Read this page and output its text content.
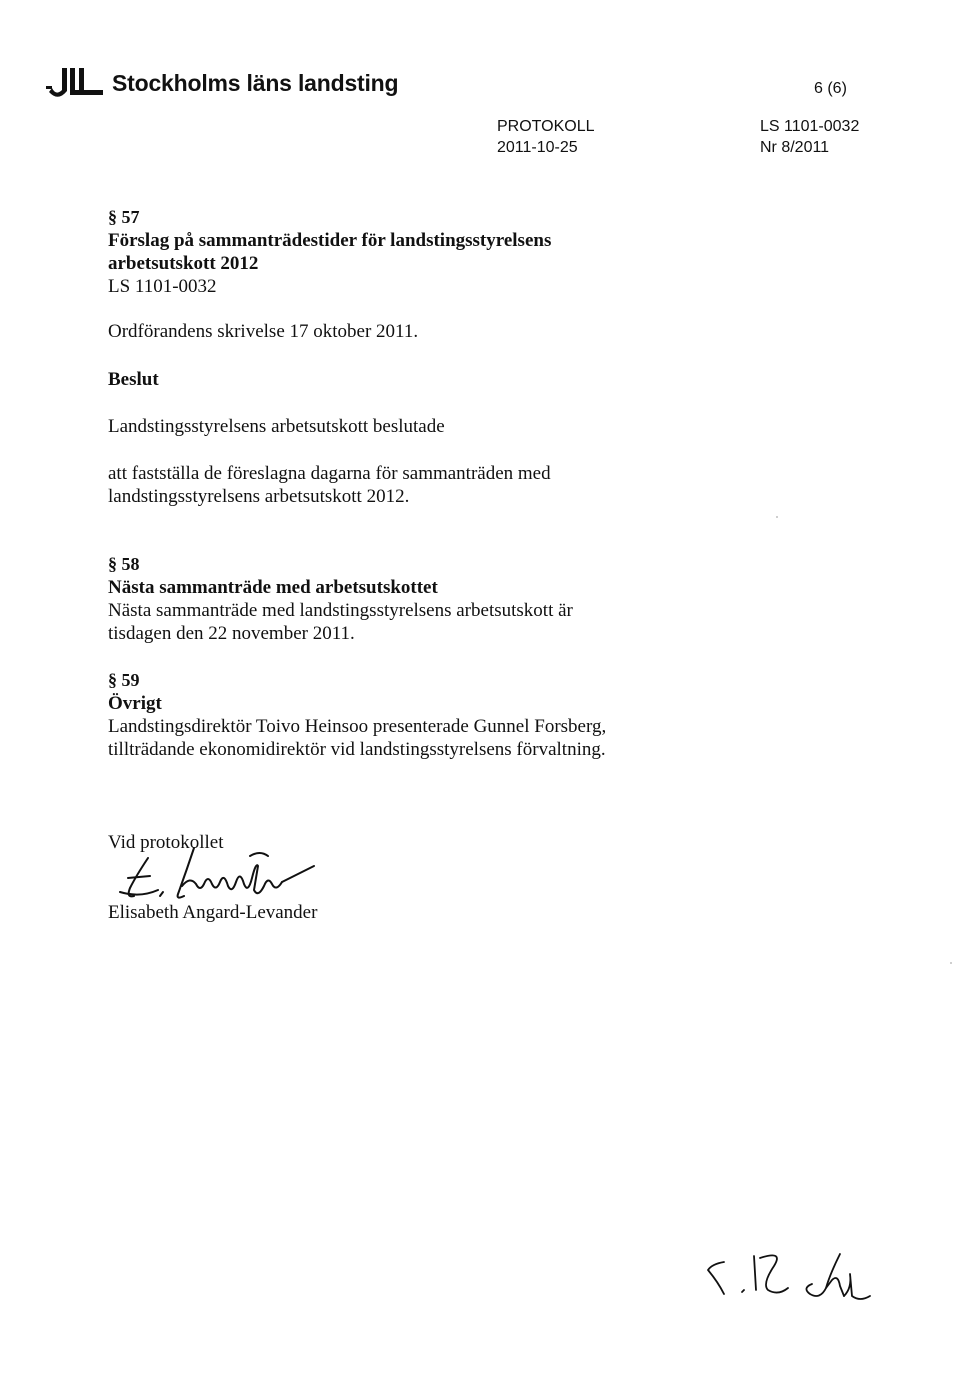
Stockholms läns landsting	6 (6)
PROTOKOLL
2011-10-25
LS 1101-0032
Nr 8/2011
§ 57
Förslag på sammanträdestider för landstingsstyrelsens
arbetsutskott 2012
LS 1101-0032
Ordförandens skrivelse 17 oktober 2011.
Beslut
Landstingsstyrelsens arbetsutskott beslutade
att fastställa de föreslagna dagarna för sammanträden med
landstingsstyrelsens arbetsutskott 2012.
§ 58
Nästa sammanträde med arbetsutskottet
Nästa sammanträde med landstingsstyrelsens arbetsutskott är
tisdagen den 22 november 2011.
§ 59
Övrigt
Landstingsdirektör Toivo Heinsoo presenterade Gunnel Forsberg,
tillträdande ekonomidirektör vid landstingsstyrelsens förvaltning.
Vid protokollet
Elisabeth Angard-Levander
